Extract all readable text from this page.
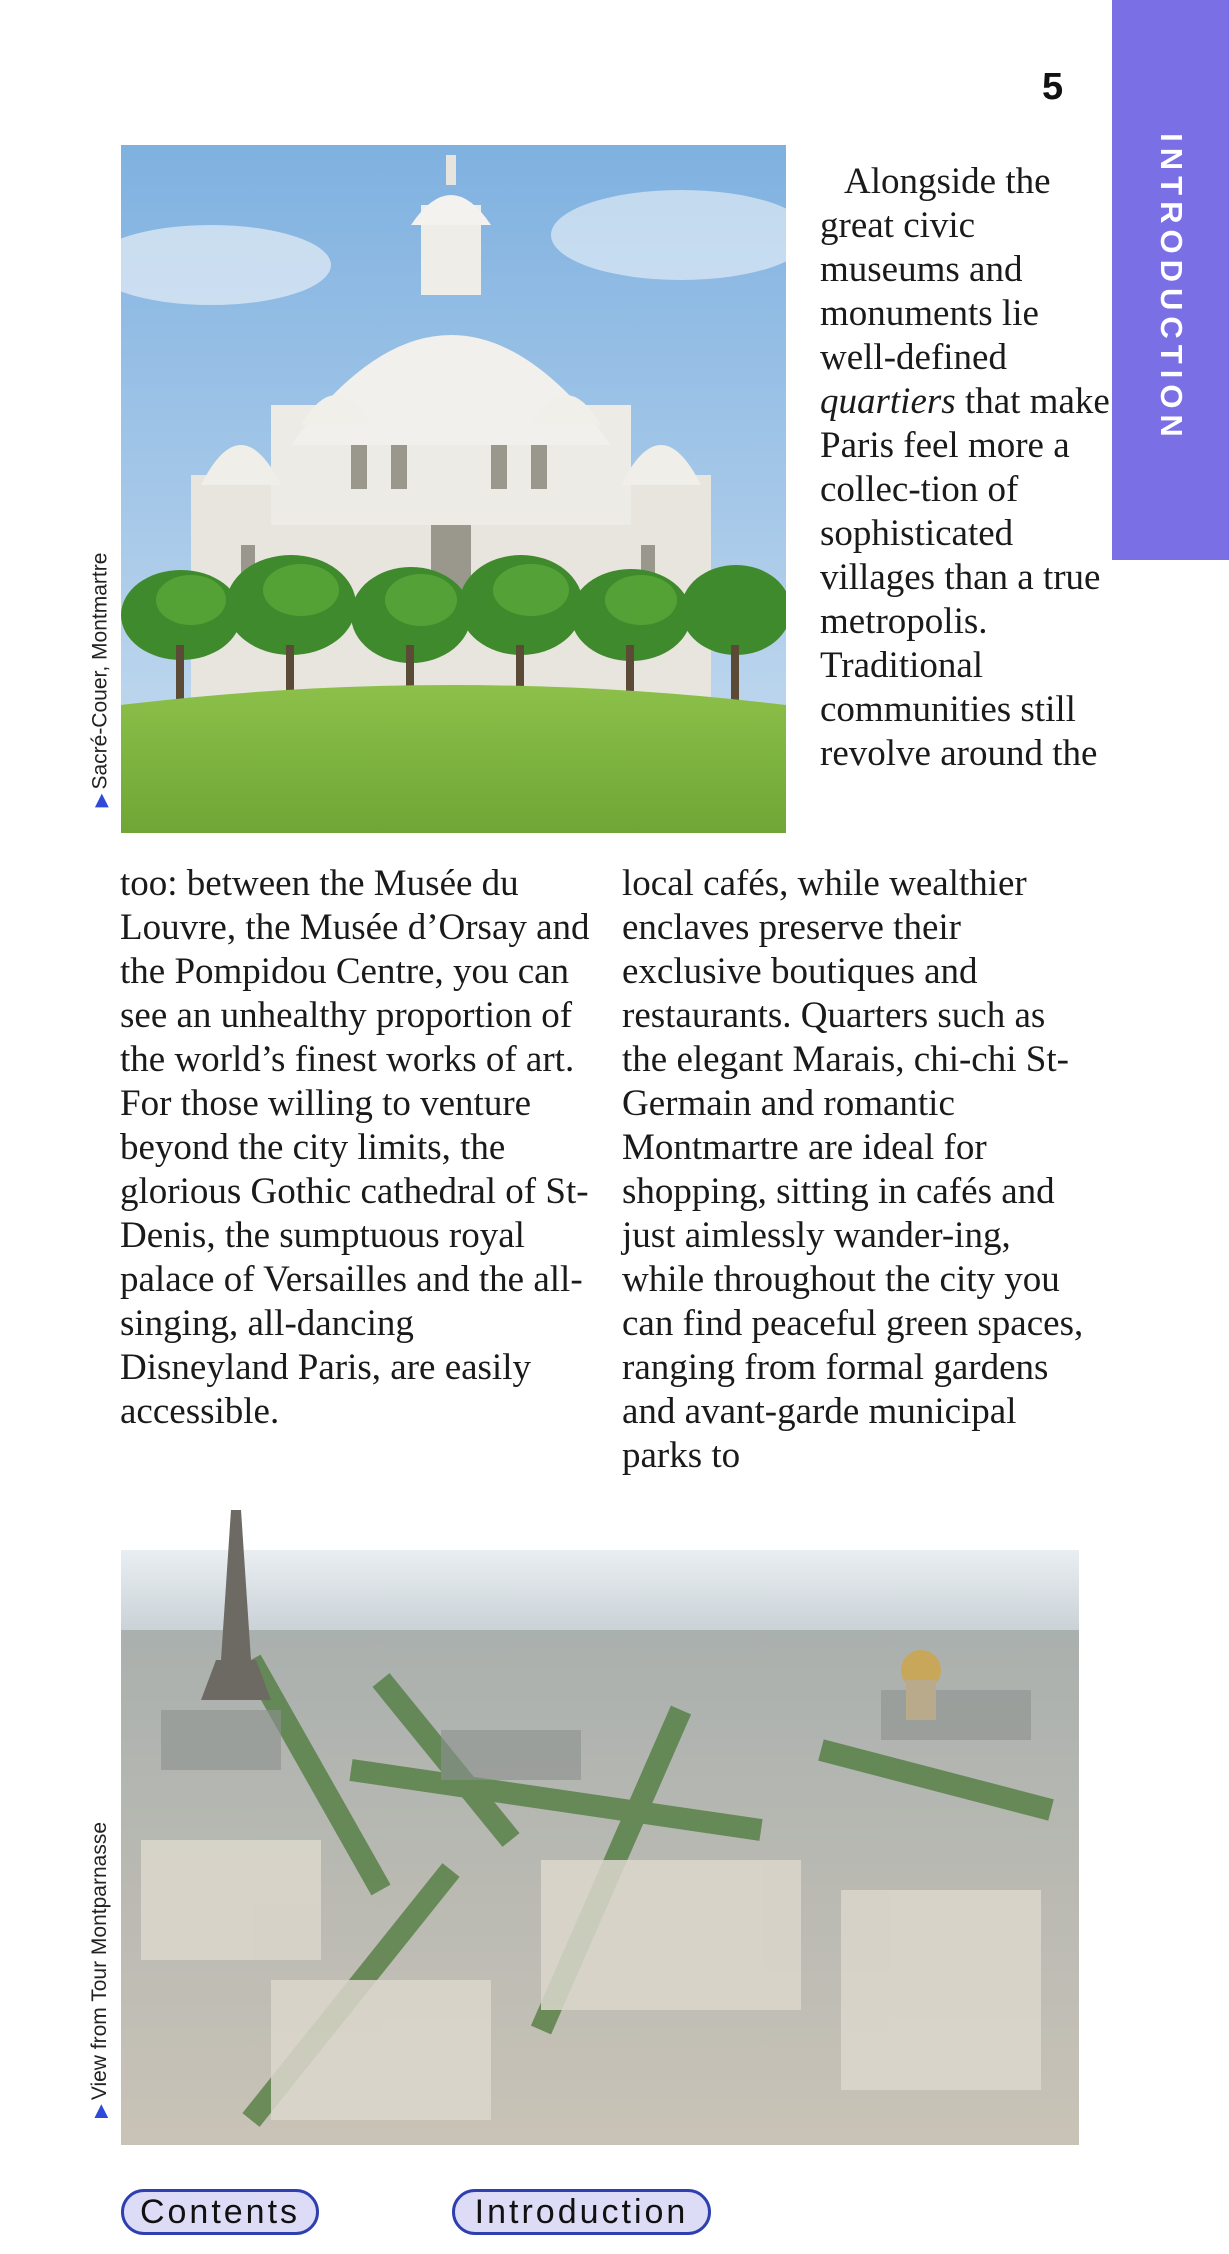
INTRODUCTION
5
▶Sacré-Couer, Montmartre

Alongside the great civic museums and monuments lie well-defined quartiers that make Paris feel more a collec-tion of sophisticated villages than a true metropolis. Traditional communities still revolve around the

too: between the Musée du Louvre, the Musée d’Orsay and the Pompidou Centre, you can see an unhealthy proportion of the world’s finest works of art. For those willing to venture beyond the city limits, the glorious Gothic cathedral of St-Denis, the sumptuous royal palace of Versailles and the all-singing, all-dancing Disneyland Paris, are easily accessible.

local cafés, while wealthier enclaves preserve their exclusive boutiques and restaurants. Quarters such as the elegant Marais, chi-chi St-Germain and romantic Montmartre are ideal for shopping, sitting in cafés and just aimlessly wander-ing, while throughout the city you can find peaceful green spaces, ranging from formal gardens and avant-garde municipal parks to

▶View from Tour Montparnasse
Contents	Introduction
